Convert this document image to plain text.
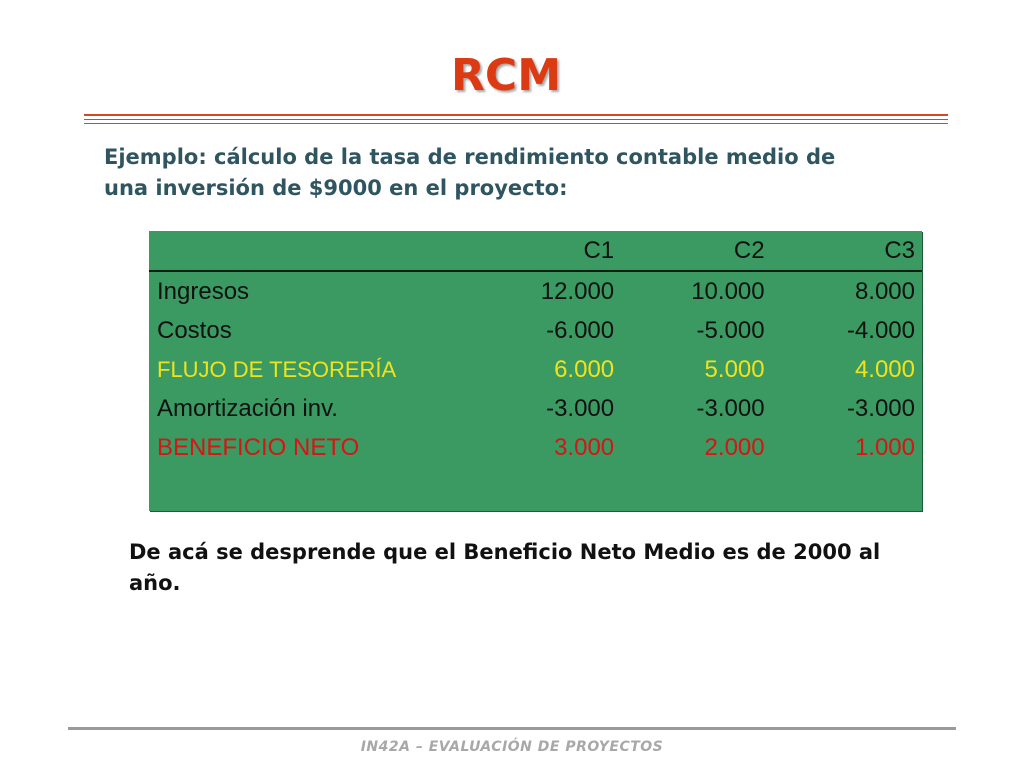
RCM

Ejemplo: cálculo de la tasa de rendimiento contable medio de una inversión de $9000 en el proyecto:

	C1	C2	C3
Ingresos	12.000	10.000	8.000
Costos	-6.000	-5.000	-4.000
FLUJO DE TESORERÍA	6.000	5.000	4.000
Amortización inv.	-3.000	-3.000	-3.000
BENEFICIO NETO	3.000	2.000	1.000

De acá se desprende que el Beneficio Neto Medio es de 2000 al año.

IN42A – EVALUACIÓN DE PROYECTOS
